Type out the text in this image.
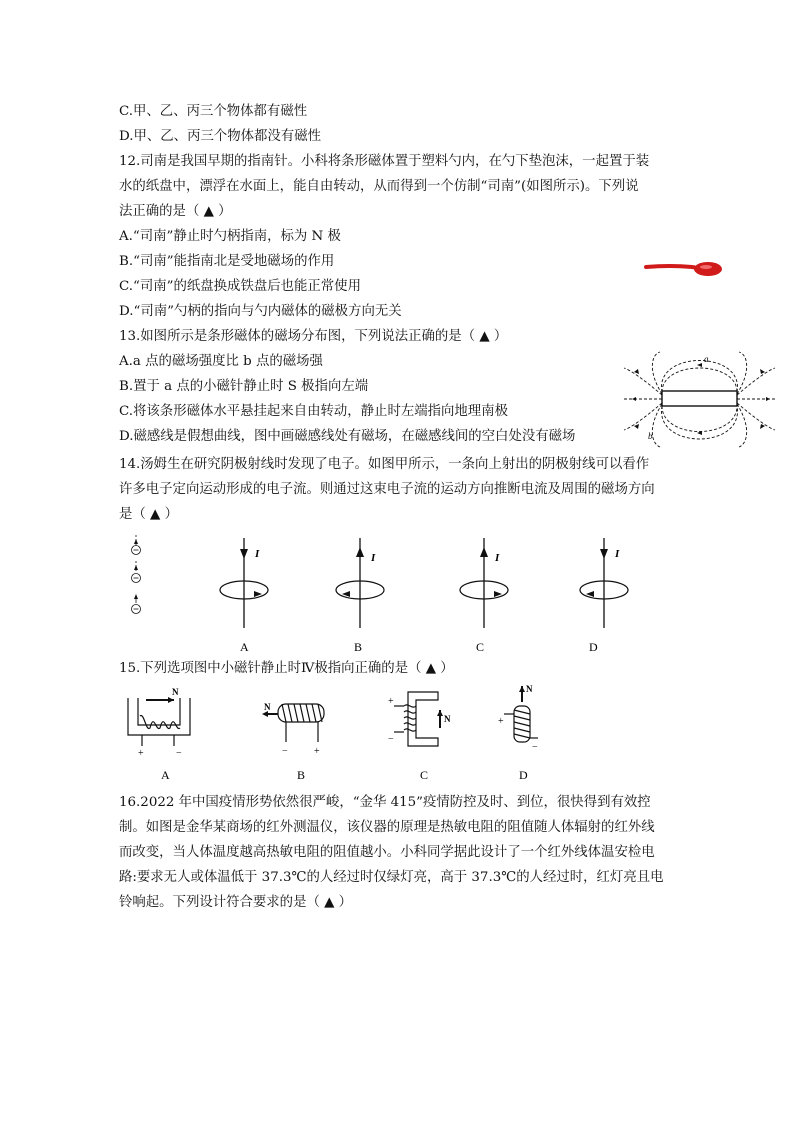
C.甲、乙、丙三个物体都有磁性
D.甲、乙、丙三个物体都没有磁性
12.司南是我国早期的指南针。小科将条形磁体置于塑料勺内，在勺下垫泡沫，一起置于装
水的纸盘中，漂浮在水面上，能自由转动，从而得到一个仿制“司南”(如图所示)。下列说
法正确的是（ ▲ ）
A.“司南”静止时勺柄指南，标为 N 极
B.“司南”能指南北是受地磁场的作用
C.“司南”的纸盘换成铁盘后也能正常使用
D.“司南”勺柄的指向与勺内磁体的磁极方向无关
13.如图所示是条形磁体的磁场分布图，下列说法正确的是（ ▲ ）
A.a 点的磁场强度比 b 点的磁场强
B.置于 a 点的小磁针静止时 S 极指向左端
C.将该条形磁体水平悬挂起来自由转动，静止时左端指向地理南极
D.磁感线是假想曲线，图中画磁感线处有磁场，在磁感线间的空白处没有磁场
14.汤姆生在研究阴极射线时发现了电子。如图甲所示，一条向上射出的阴极射线可以看作
许多电子定向运动形成的电子流。则通过这束电子流的运动方向推断电流及周围的磁场方向
是（ ▲ ）
15.下列选项图中小磁针静止时Ⅳ极指向正确的是（ ▲ ）
16.2022 年中国疫情形势依然很严峻，“金华 415”疫情防控及时、到位，很快得到有效控
制。如图是金华某商场的红外测温仪，该仪器的原理是热敏电阻的阻值随人体辐射的红外线
而改变，当人体温度越高热敏电阻的阻值越小。小科同学据此设计了一个红外线体温安检电
路:要求无人或体温低于 37.3℃的人经过时仅绿灯亮，高于 37.3℃的人经过时，红灯亮且电
铃响起。下列设计符合要求的是（ ▲ ）
a
b
I	I	I	I
A	B	C	D
N
+	−
N
−	+
N
+
−
N
+
−
A	B	C	D
